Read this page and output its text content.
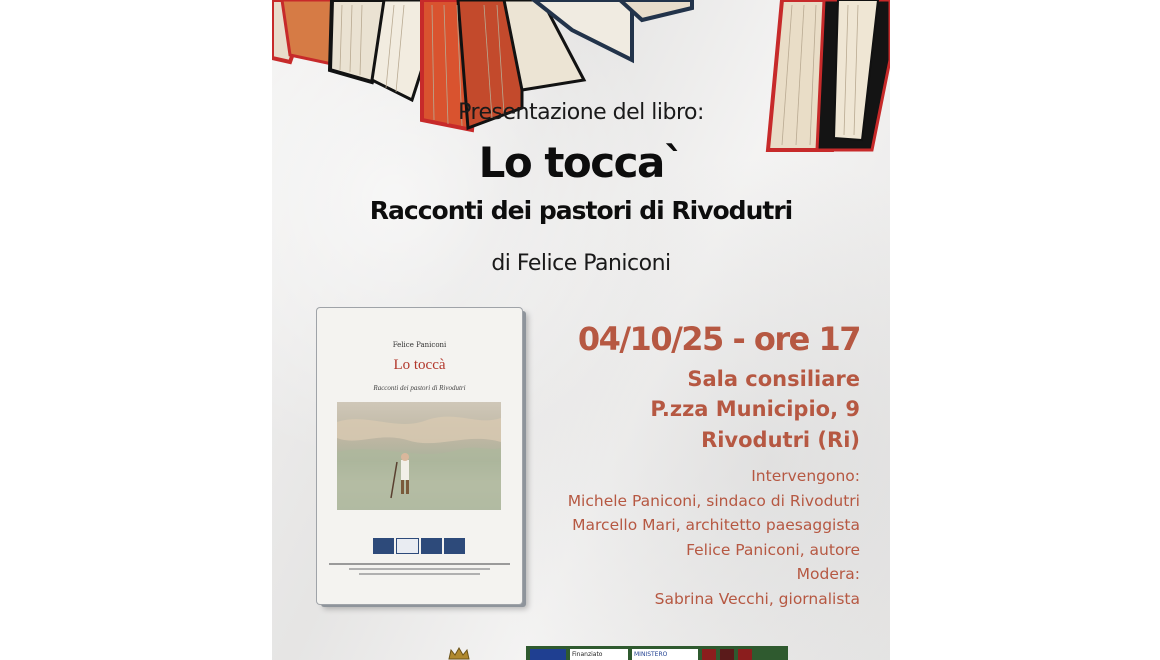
Presentazione del libro:
Lo tocca`
Racconti dei pastori di Rivodutri
di Felice Paniconi
Felice Paniconi
Lo toccà
Racconti dei pastori di Rivodutri
04/10/25 - ore 17
Sala consiliare
P.zza Municipio, 9
Rivodutri (Ri)
Intervengono:
Michele Paniconi, sindaco di Rivodutri
Marcello Mari, architetto paesaggista
Felice Paniconi, autore
Modera:
Sabrina Vecchi, giornalista
Finanziato	MINISTERO
